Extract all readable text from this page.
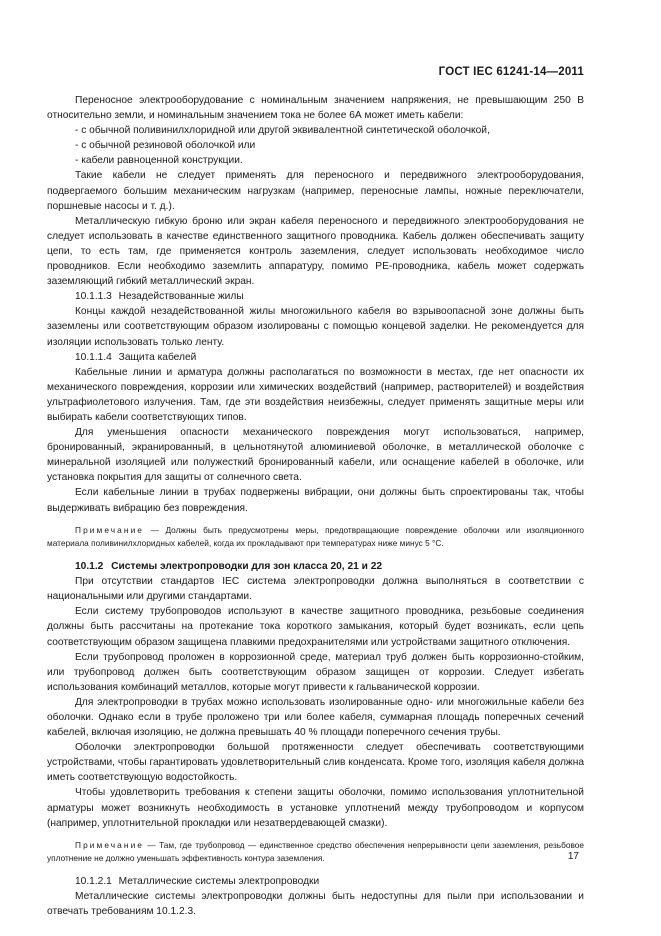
ГОСТ IEC 61241-14—2011

Переносное электрооборудование с номинальным значением напряжения, не превышающим 250 В относительно земли, и номинальным значением тока не более 6А может иметь кабели:

- с обычной поливинилхлоридной или другой эквивалентной синтетической оболочкой,

- с обычной резиновой оболочкой или

- кабели равноценной конструкции.

Такие кабели не следует применять для переносного и передвижного электрооборудования, подвергаемого большим механическим нагрузкам (например, переносные лампы, ножные переключатели, поршневые насосы и т. д.).

Металлическую гибкую броню или экран кабеля переносного и передвижного электрооборудования не следует использовать в качестве единственного защитного проводника. Кабель должен обеспечивать защиту цепи, то есть там, где применяется контроль заземления, следует использовать необходимое число проводников. Если необходимо заземлить аппаратуру, помимо PE-проводника, кабель может содержать заземляющий гибкий металлический экран.

10.1.1.3 Незадействованные жилы

Концы каждой незадействованной жилы многожильного кабеля во взрывоопасной зоне должны быть заземлены или соответствующим образом изолированы с помощью концевой заделки. Не рекомендуется для изоляции использовать только ленту.

10.1.1.4 Защита кабелей

Кабельные линии и арматура должны располагаться по возможности в местах, где нет опасности их механического повреждения, коррозии или химических воздействий (например, растворителей) и воздействия ультрафиолетового излучения. Там, где эти воздействия неизбежны, следует применять защитные меры или выбирать кабели соответствующих типов.

Для уменьшения опасности механического повреждения могут использоваться, например, бронированный, экранированный, в цельнотянутой алюминиевой оболочке, в металлической оболочке с минеральной изоляцией или полужесткий бронированный кабели, или оснащение кабелей в оболочке, или установка покрытия для защиты от солнечного света.

Если кабельные линии в трубах подвержены вибрации, они должны быть спроектированы так, чтобы выдерживать вибрацию без повреждения.

Примечание — Должны быть предусмотрены меры, предотвращающие повреждение оболочки или изоляционного материала поливинилхлоридных кабелей, когда их прокладывают при температурах ниже минус 5 °С.

10.1.2 Системы электропроводки для зон класса 20, 21 и 22

При отсутствии стандартов IEC система электропроводки должна выполняться в соответствии с национальными или другими стандартами.

Если систему трубопроводов используют в качестве защитного проводника, резьбовые соединения должны быть рассчитаны на протекание тока короткого замыкания, который будет возникать, если цепь соответствующим образом защищена плавкими предохранителями или устройствами защитного отключения.

Если трубопровод проложен в коррозионной среде, материал труб должен быть коррозионно-стойким, или трубопровод должен быть соответствующим образом защищен от коррозии. Следует избегать использования комбинаций металлов, которые могут привести к гальванической коррозии.

Для электропроводки в трубах можно использовать изолированные одно- или многожильные кабели без оболочки. Однако если в трубе проложено три или более кабеля, суммарная площадь поперечных сечений кабелей, включая изоляцию, не должна превышать 40 % площади поперечного сечения трубы.

Оболочки электропроводки большой протяженности следует обеспечивать соответствующими устройствами, чтобы гарантировать удовлетворительный слив конденсата. Кроме того, изоляция кабеля должна иметь соответствующую водостойкость.

Чтобы удовлетворить требования к степени защиты оболочки, помимо использования уплотнительной арматуры может возникнуть необходимость в установке уплотнений между трубопроводом и корпусом (например, уплотнительной прокладки или незатвердевающей смазки).

Примечание — Там, где трубопровод — единственное средство обеспечения непрерывности цепи заземления, резьбовое уплотнение не должно уменьшать эффективность контура заземления.

10.1.2.1 Металлические системы электропроводки

Металлические системы электропроводки должны быть недоступны для пыли при использовании и отвечать требованиям 10.1.2.3.

17
